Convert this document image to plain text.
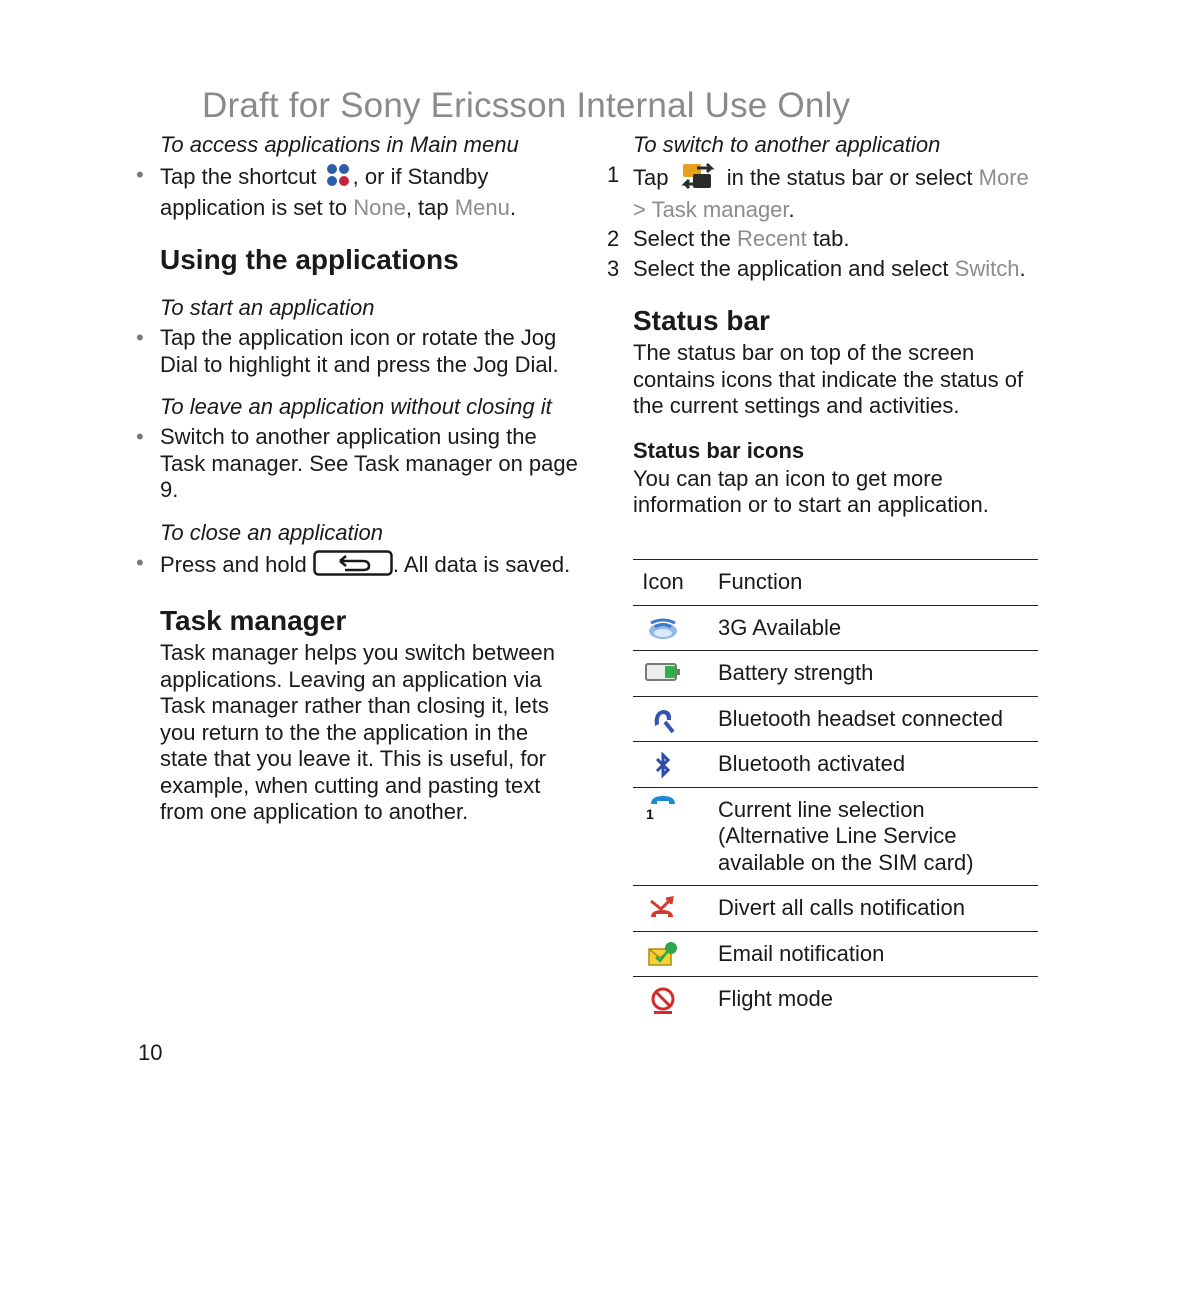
Draft for Sony Ericsson Internal Use Only

To access applications in Main menu

• Tap the shortcut , or if Standby application is set to None, tap Menu.
Using the applications

To start an application

• Tap the application icon or rotate the Jog Dial to highlight it and press the Jog Dial.

To leave an application without closing it

• Switch to another application using the Task manager. See Task manager on page 9.

To close an application

• Press and hold	. All data is saved.
Task manager

Task manager helps you switch between applications. Leaving an application via Task manager rather than closing it, lets you return to the the application in the state that you leave it. This is useful, for example, when cutting and pasting text from one application to another.

To switch to another application

1 Tap	in the status bar or select More > Task manager.
2 Select the Recent tab.
3 Select the application and select Switch.
Status bar

The status bar on top of the screen contains icons that indicate the status of the current settings and activities.

Status bar icons

You can tap an icon to get more information or to start an application.

Icon	Function
3G Available
Battery strength
Bluetooth headset connected
Bluetooth activated
1	Current line selection (Alternative Line Service available on the SIM card)
Divert all calls notification
Email notification
Flight mode
10
